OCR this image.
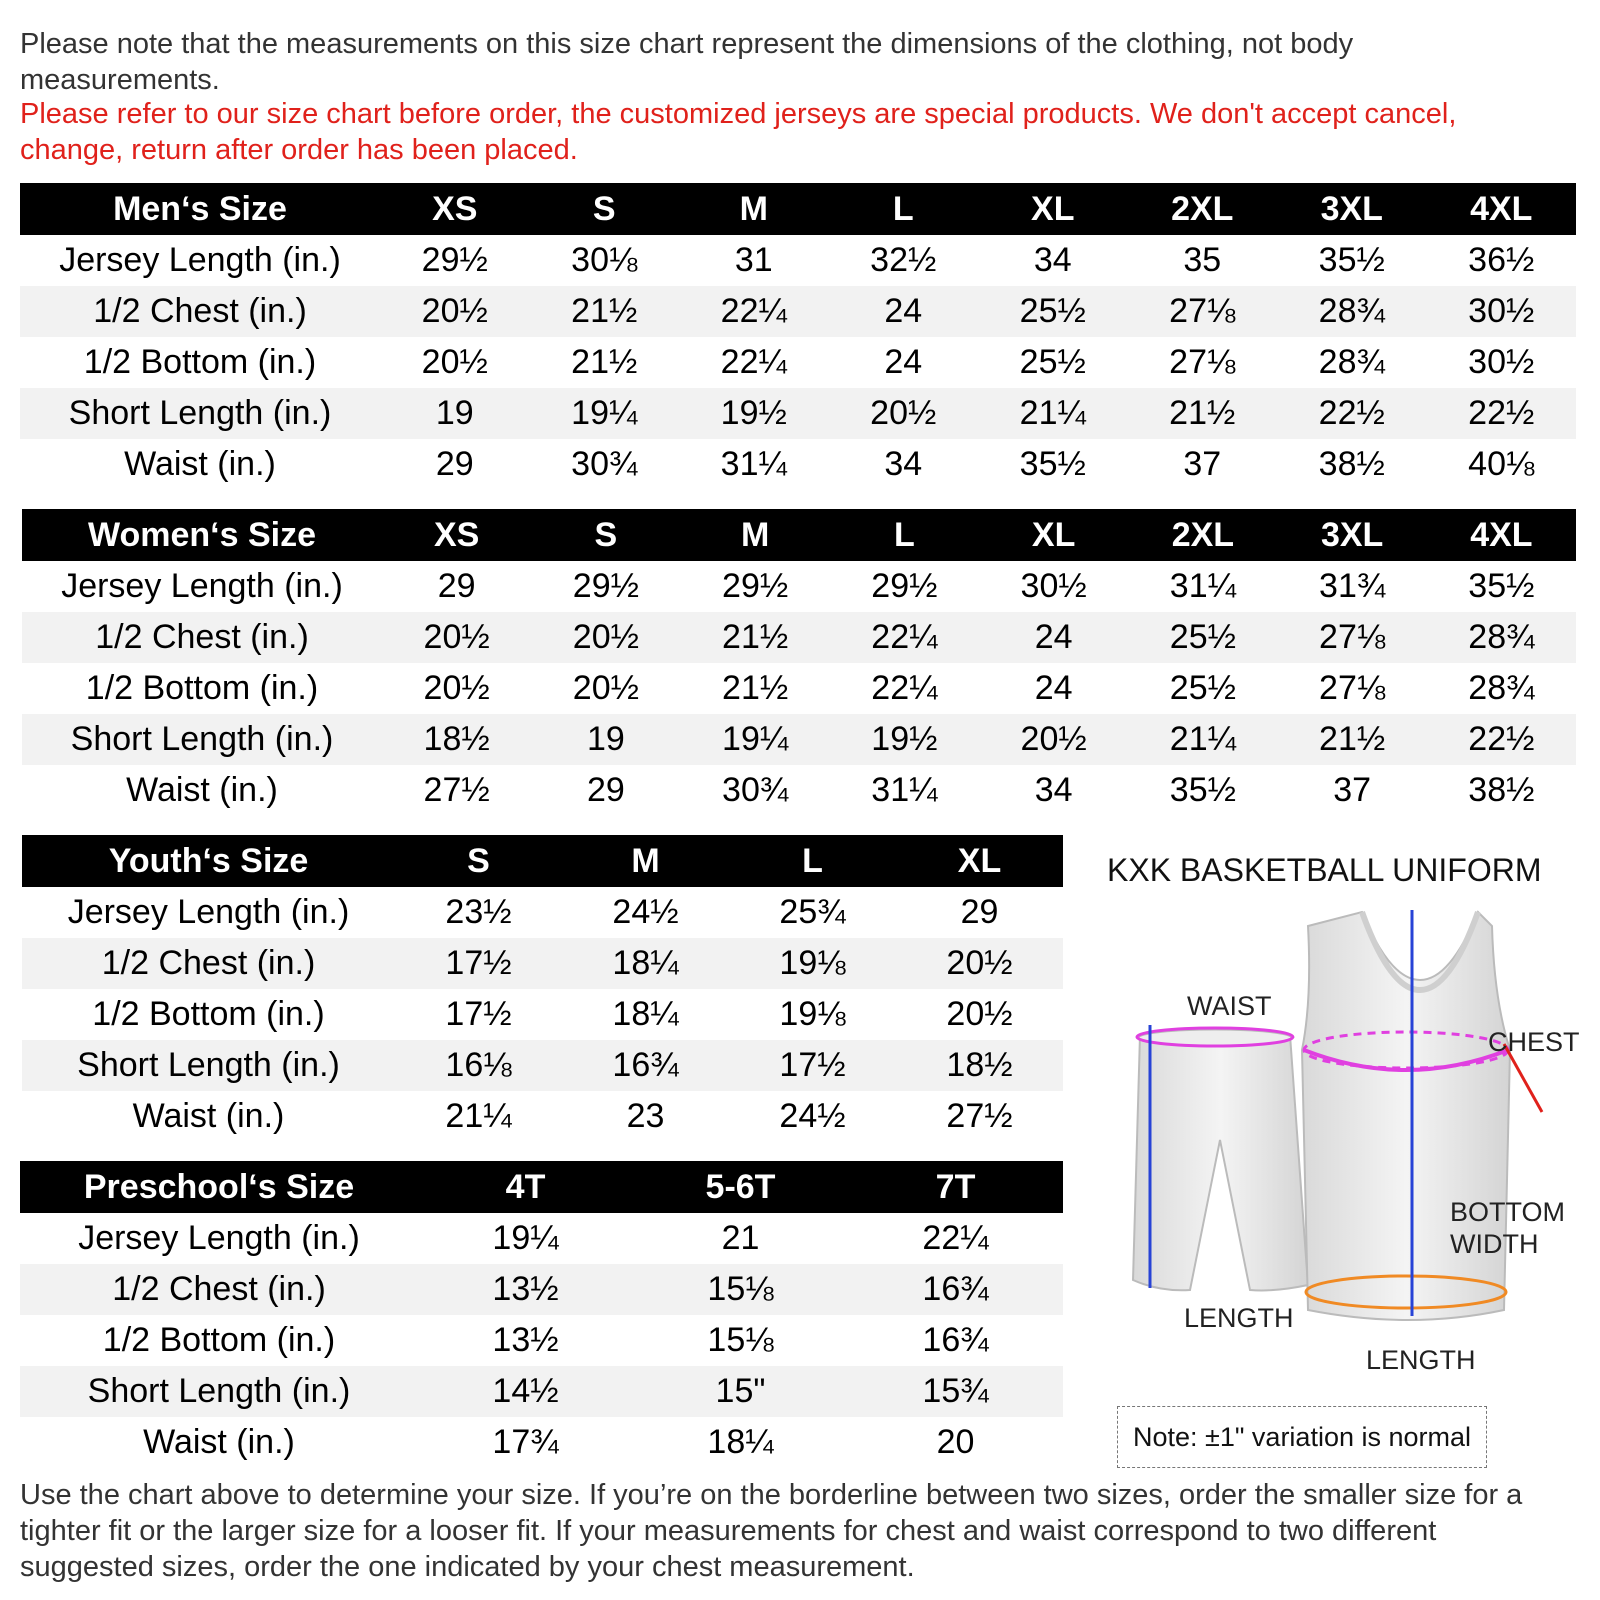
Please note that the measurements on this size chart represent the dimensions of the clothing, not body measurements.
Please refer to our size chart before order, the customized jerseys are special products. We don't accept cancel, change, return after order has been placed.
Men‘s Size	XS	S	M	L	XL	2XL	3XL	4XL
Jersey Length (in.)	29½	30⅛	31	32½	34	35	35½	36½
1/2 Chest (in.)	20½	21½	22¼	24	25½	27⅛	28¾	30½
1/2 Bottom (in.)	20½	21½	22¼	24	25½	27⅛	28¾	30½
Short Length (in.)	19	19¼	19½	20½	21¼	21½	22½	22½
Waist (in.)	29	30¾	31¼	34	35½	37	38½	40⅛
Women‘s Size	XS	S	M	L	XL	2XL	3XL	4XL
Jersey Length (in.)	29	29½	29½	29½	30½	31¼	31¾	35½
1/2 Chest (in.)	20½	20½	21½	22¼	24	25½	27⅛	28¾
1/2 Bottom (in.)	20½	20½	21½	22¼	24	25½	27⅛	28¾
Short Length (in.)	18½	19	19¼	19½	20½	21¼	21½	22½
Waist (in.)	27½	29	30¾	31¼	34	35½	37	38½
Youth‘s Size	S	M	L	XL
Jersey Length (in.)	23½	24½	25¾	29
1/2 Chest (in.)	17½	18¼	19⅛	20½
1/2 Bottom (in.)	17½	18¼	19⅛	20½
Short Length (in.)	16⅛	16¾	17½	18½
Waist (in.)	21¼	23	24½	27½
Preschool‘s Size	4T	5-6T	7T
Jersey Length (in.)	19¼	21	22¼
1/2 Chest (in.)	13½	15⅛	16¾
1/2 Bottom (in.)	13½	15⅛	16¾
Short Length (in.)	14½	15"	15¾
Waist (in.)	17¾	18¼	20
KXK BASKETBALL UNIFORM
WAIST
CHEST
BOTTOM
WIDTH
LENGTH
LENGTH
Note: ±1" variation is normal
Use the chart above to determine your size. If you’re on the borderline between two sizes, order the smaller size for a tighter fit or the larger size for a looser fit. If your measurements for chest and waist correspond to two different suggested sizes, order the one indicated by your chest measurement.
